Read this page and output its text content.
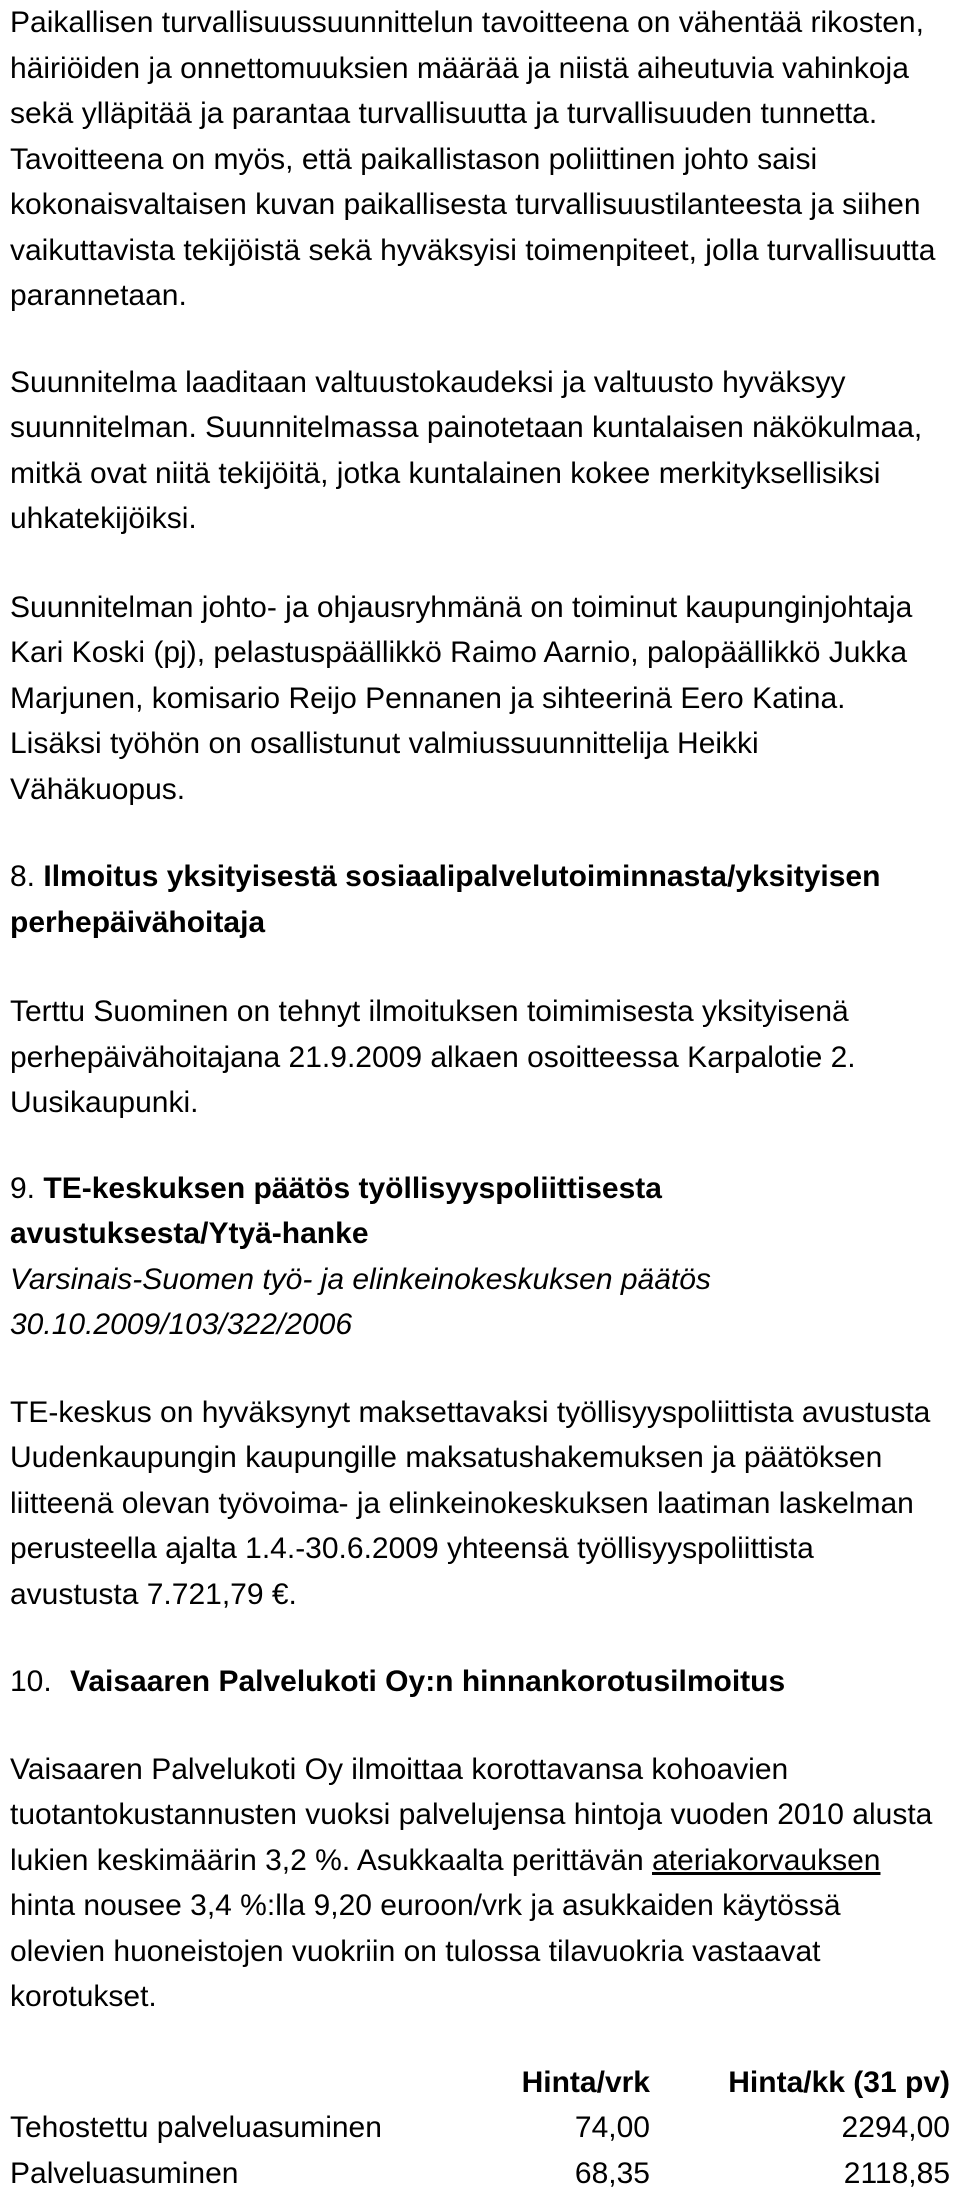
Paikallisen turvallisuussuunnittelun tavoitteena on vähentää rikosten, häiriöiden ja onnettomuuksien määrää ja niistä aiheutuvia vahinkoja sekä ylläpitää ja parantaa turvallisuutta ja turvallisuuden tunnetta. Tavoitteena on myös, että paikallistason poliittinen johto saisi kokonaisvaltaisen kuvan paikallisesta turvallisuustilanteesta ja siihen vaikuttavista tekijöistä sekä hyväksyisi toimenpiteet, jolla turvallisuutta parannetaan.

Suunnitelma laaditaan valtuustokaudeksi ja valtuusto hyväksyy suunnitelman. Suunnitelmassa painotetaan kuntalaisen näkökulmaa, mitkä ovat niitä tekijöitä, jotka kuntalainen kokee merkityksellisiksi uhkatekijöiksi.

Suunnitelman johto- ja ohjausryhmänä on toiminut kaupunginjohtaja Kari Koski (pj), pelastuspäällikkö Raimo Aarnio, palopäällikkö Jukka Marjunen, komisario Reijo Pennanen ja sihteerinä Eero Katina. Lisäksi työhön on osallistunut valmiussuunnittelija Heikki Vähäkuopus.

8. Ilmoitus yksityisestä sosiaalipalvelutoiminnasta/yksityisen perhepäivähoitaja

Terttu Suominen on tehnyt ilmoituksen toimimisesta yksityisenä perhepäivähoitajana 21.9.2009 alkaen osoitteessa Karpalotie 2. Uusikaupunki.

9. TE-keskuksen päätös työllisyyspoliittisesta avustuksesta/Ytyä-hanke

Varsinais-Suomen työ- ja elinkeinokeskuksen päätös 30.10.2009/103/322/2006

TE-keskus on hyväksynyt maksettavaksi työllisyyspoliittista avustusta Uudenkaupungin kaupungille maksatushakemuksen ja päätöksen liitteenä olevan työvoima- ja elinkeinokeskuksen laatiman laskelman perusteella ajalta 1.4.-30.6.2009 yhteensä työllisyyspoliittista avustusta 7.721,79 €.

10. Vaisaaren Palvelukoti Oy:n hinnankorotusilmoitus

Vaisaaren Palvelukoti Oy ilmoittaa korottavansa kohoavien tuotantokustannusten vuoksi palvelujensa hintoja vuoden 2010 alusta lukien keskimäärin 3,2 %. Asukkaalta perittävän ateriakorvauksen hinta nousee 3,4 %:lla 9,20 euroon/vrk ja asukkaiden käytössä olevien huoneistojen vuokriin on tulossa tilavuokria vastaavat korotukset.

	Hinta/vrk	Hinta/kk (31 pv)
Tehostettu palveluasuminen	74,00	2294,00
Palveluasuminen	68,35	2118,85
